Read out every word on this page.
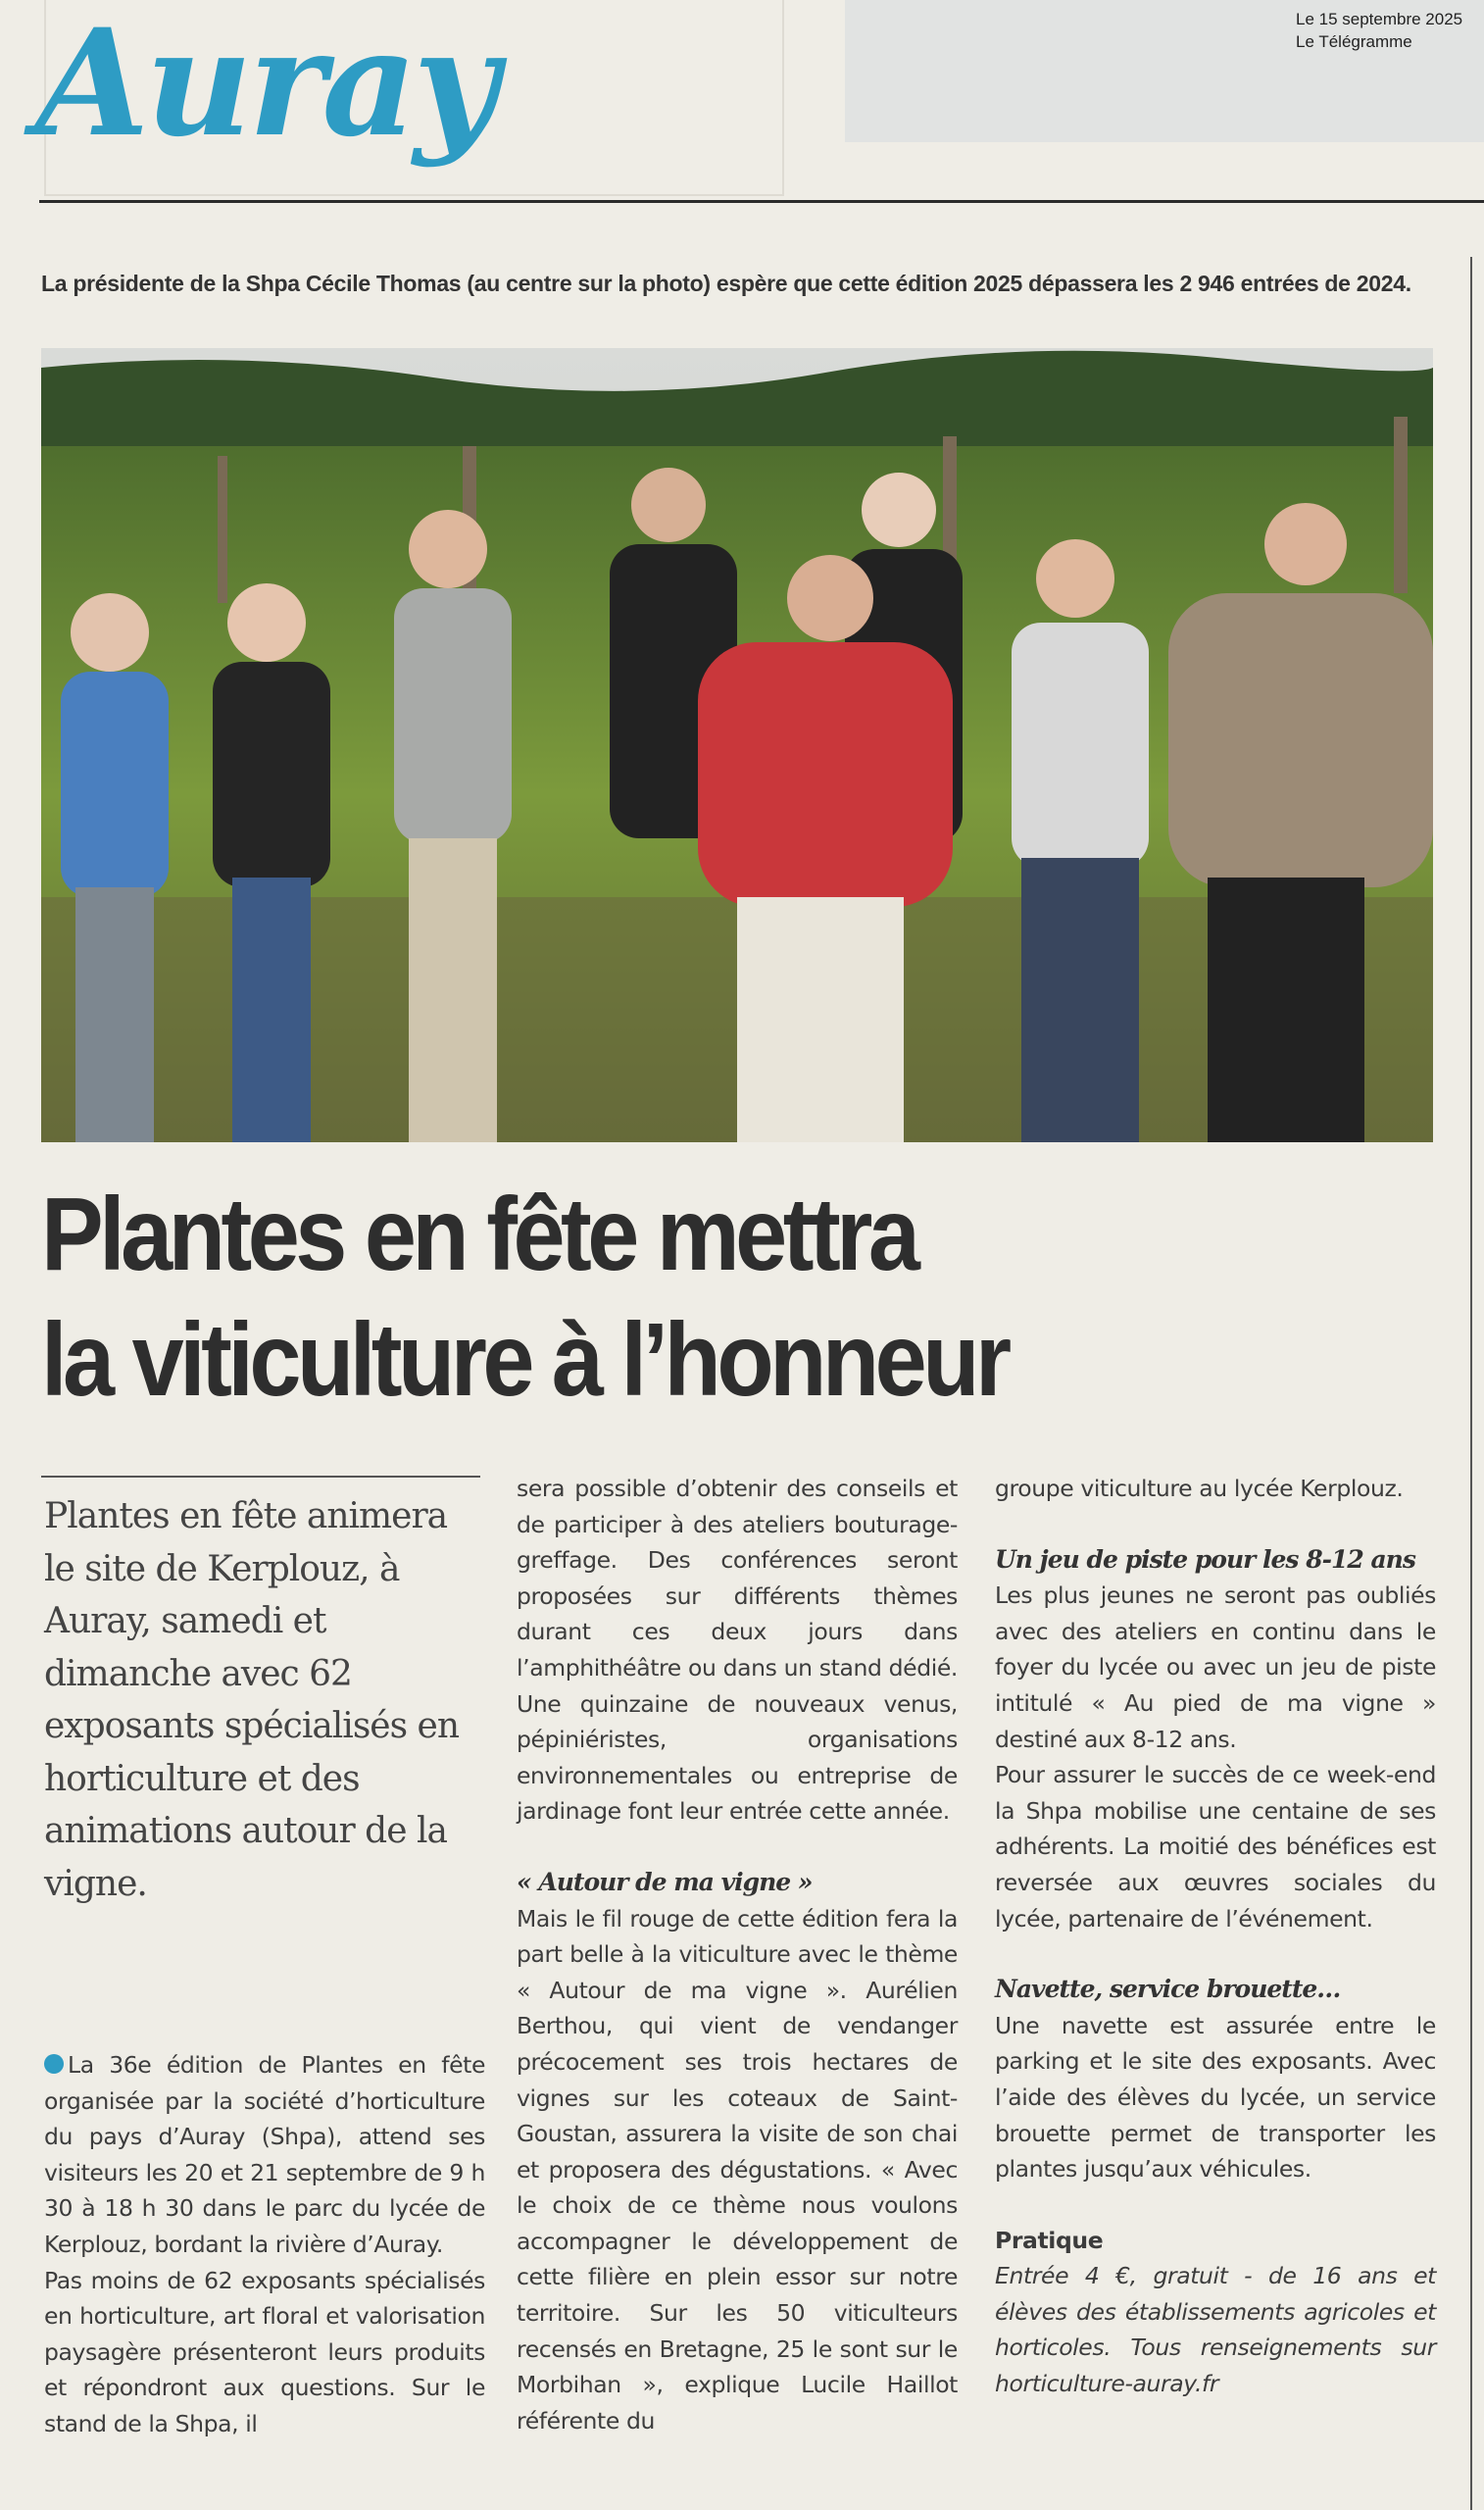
Auray	Le 15 septembre 2025
Le Télégramme
La présidente de la Shpa Cécile Thomas (au centre sur la photo) espère que cette édition 2025 dépassera les 2 946 entrées de 2024.
Plantes en fête mettra
la viticulture à l’honneur
Plantes en fête animera le site de Kerplouz, à Auray, samedi et dimanche avec 62 exposants spécialisés en horticulture et des animations autour de la vigne.

La 36e édition de Plantes en fête organisée par la société d’horticulture du pays d’Auray (Shpa), attend ses visiteurs les 20 et 21 septembre de 9 h 30 à 18 h 30 dans le parc du lycée de Kerplouz, bordant la rivière d’Auray.

Pas moins de 62 exposants spécialisés en horticulture, art floral et valorisation paysagère présenteront leurs produits et répondront aux questions. Sur le stand de la Shpa, il

sera possible d’obtenir des conseils et de participer à des ateliers bouturage-greffage. Des conférences seront proposées sur différents thèmes durant ces deux jours dans l’amphithéâtre ou dans un stand dédié. Une quinzaine de nouveaux venus, pépiniéristes, organisations environnementales ou entreprise de jardinage font leur entrée cette année.

« Autour de ma vigne »

Mais le fil rouge de cette édition fera la part belle à la viticulture avec le thème « Autour de ma vigne ». Aurélien Berthou, qui vient de vendanger précocement ses trois hectares de vignes sur les coteaux de Saint-Goustan, assurera la visite de son chai et proposera des dégustations. « Avec le choix de ce thème nous voulons accompagner le développement de cette filière en plein essor sur notre territoire. Sur les 50 viticulteurs recensés en Bretagne, 25 le sont sur le Morbihan », explique Lucile Haillot référente du

groupe viticulture au lycée Kerplouz.

Un jeu de piste pour les 8-12 ans

Les plus jeunes ne seront pas oubliés avec des ateliers en continu dans le foyer du lycée ou avec un jeu de piste intitulé « Au pied de ma vigne » destiné aux 8-12 ans.

Pour assurer le succès de ce week-end la Shpa mobilise une centaine de ses adhérents. La moitié des bénéfices est reversée aux œuvres sociales du lycée, partenaire de l’événement.

Navette, service brouette…

Une navette est assurée entre le parking et le site des exposants. Avec l’aide des élèves du lycée, un service brouette permet de transporter les plantes jusqu’aux véhicules.

Pratique

Entrée 4 €, gratuit - de 16 ans et élèves des établissements agricoles et horticoles. Tous renseignements sur horticulture-auray.fr
